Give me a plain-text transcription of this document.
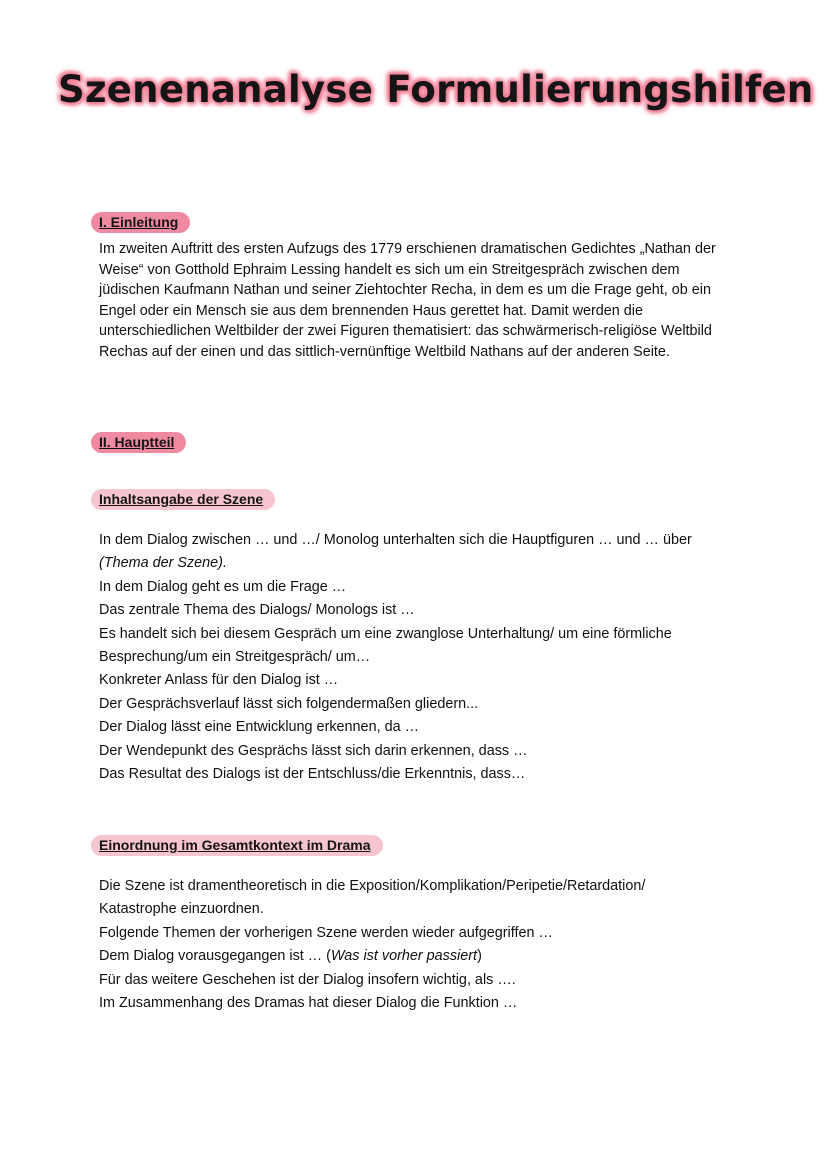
Szenenanalyse Formulierungshilfen
I. Einleitung

Im zweiten Auftritt des ersten Aufzugs des 1779 erschienen dramatischen Gedichtes „Nathan der Weise“ von Gotthold Ephraim Lessing handelt es sich um ein Streitgespräch zwischen dem jüdischen Kaufmann Nathan und seiner Ziehtochter Recha, in dem es um die Frage geht, ob ein Engel oder ein Mensch sie aus dem brennenden Haus gerettet hat. Damit werden die unterschiedlichen Weltbilder der zwei Figuren thematisiert: das schwärmerisch-religiöse Weltbild Rechas auf der einen und das sittlich-vernünftige Weltbild Nathans auf der anderen Seite.

II. Hauptteil
Inhaltsangabe der Szene
In dem Dialog zwischen … und …/ Monolog unterhalten sich die Hauptfiguren … und … über
(Thema der Szene).
In dem Dialog geht es um die Frage …
Das zentrale Thema des Dialogs/ Monologs ist …
Es handelt sich bei diesem Gespräch um eine zwanglose Unterhaltung/ um eine förmliche
Besprechung/um ein Streitgespräch/ um…
Konkreter Anlass für den Dialog ist …
Der Gesprächsverlauf lässt sich folgendermaßen gliedern...
Der Dialog lässt eine Entwicklung erkennen, da …
Der Wendepunkt des Gesprächs lässt sich darin erkennen, dass …
Das Resultat des Dialogs ist der Entschluss/die Erkenntnis, dass…
Einordnung im Gesamtkontext im Drama
Die Szene ist dramentheoretisch in die Exposition/Komplikation/Peripetie/Retardation/
Katastrophe einzuordnen.
Folgende Themen der vorherigen Szene werden wieder aufgegriffen …
Dem Dialog vorausgegangen ist … (Was ist vorher passiert)
Für das weitere Geschehen ist der Dialog insofern wichtig, als ….
Im Zusammenhang des Dramas hat dieser Dialog die Funktion …
